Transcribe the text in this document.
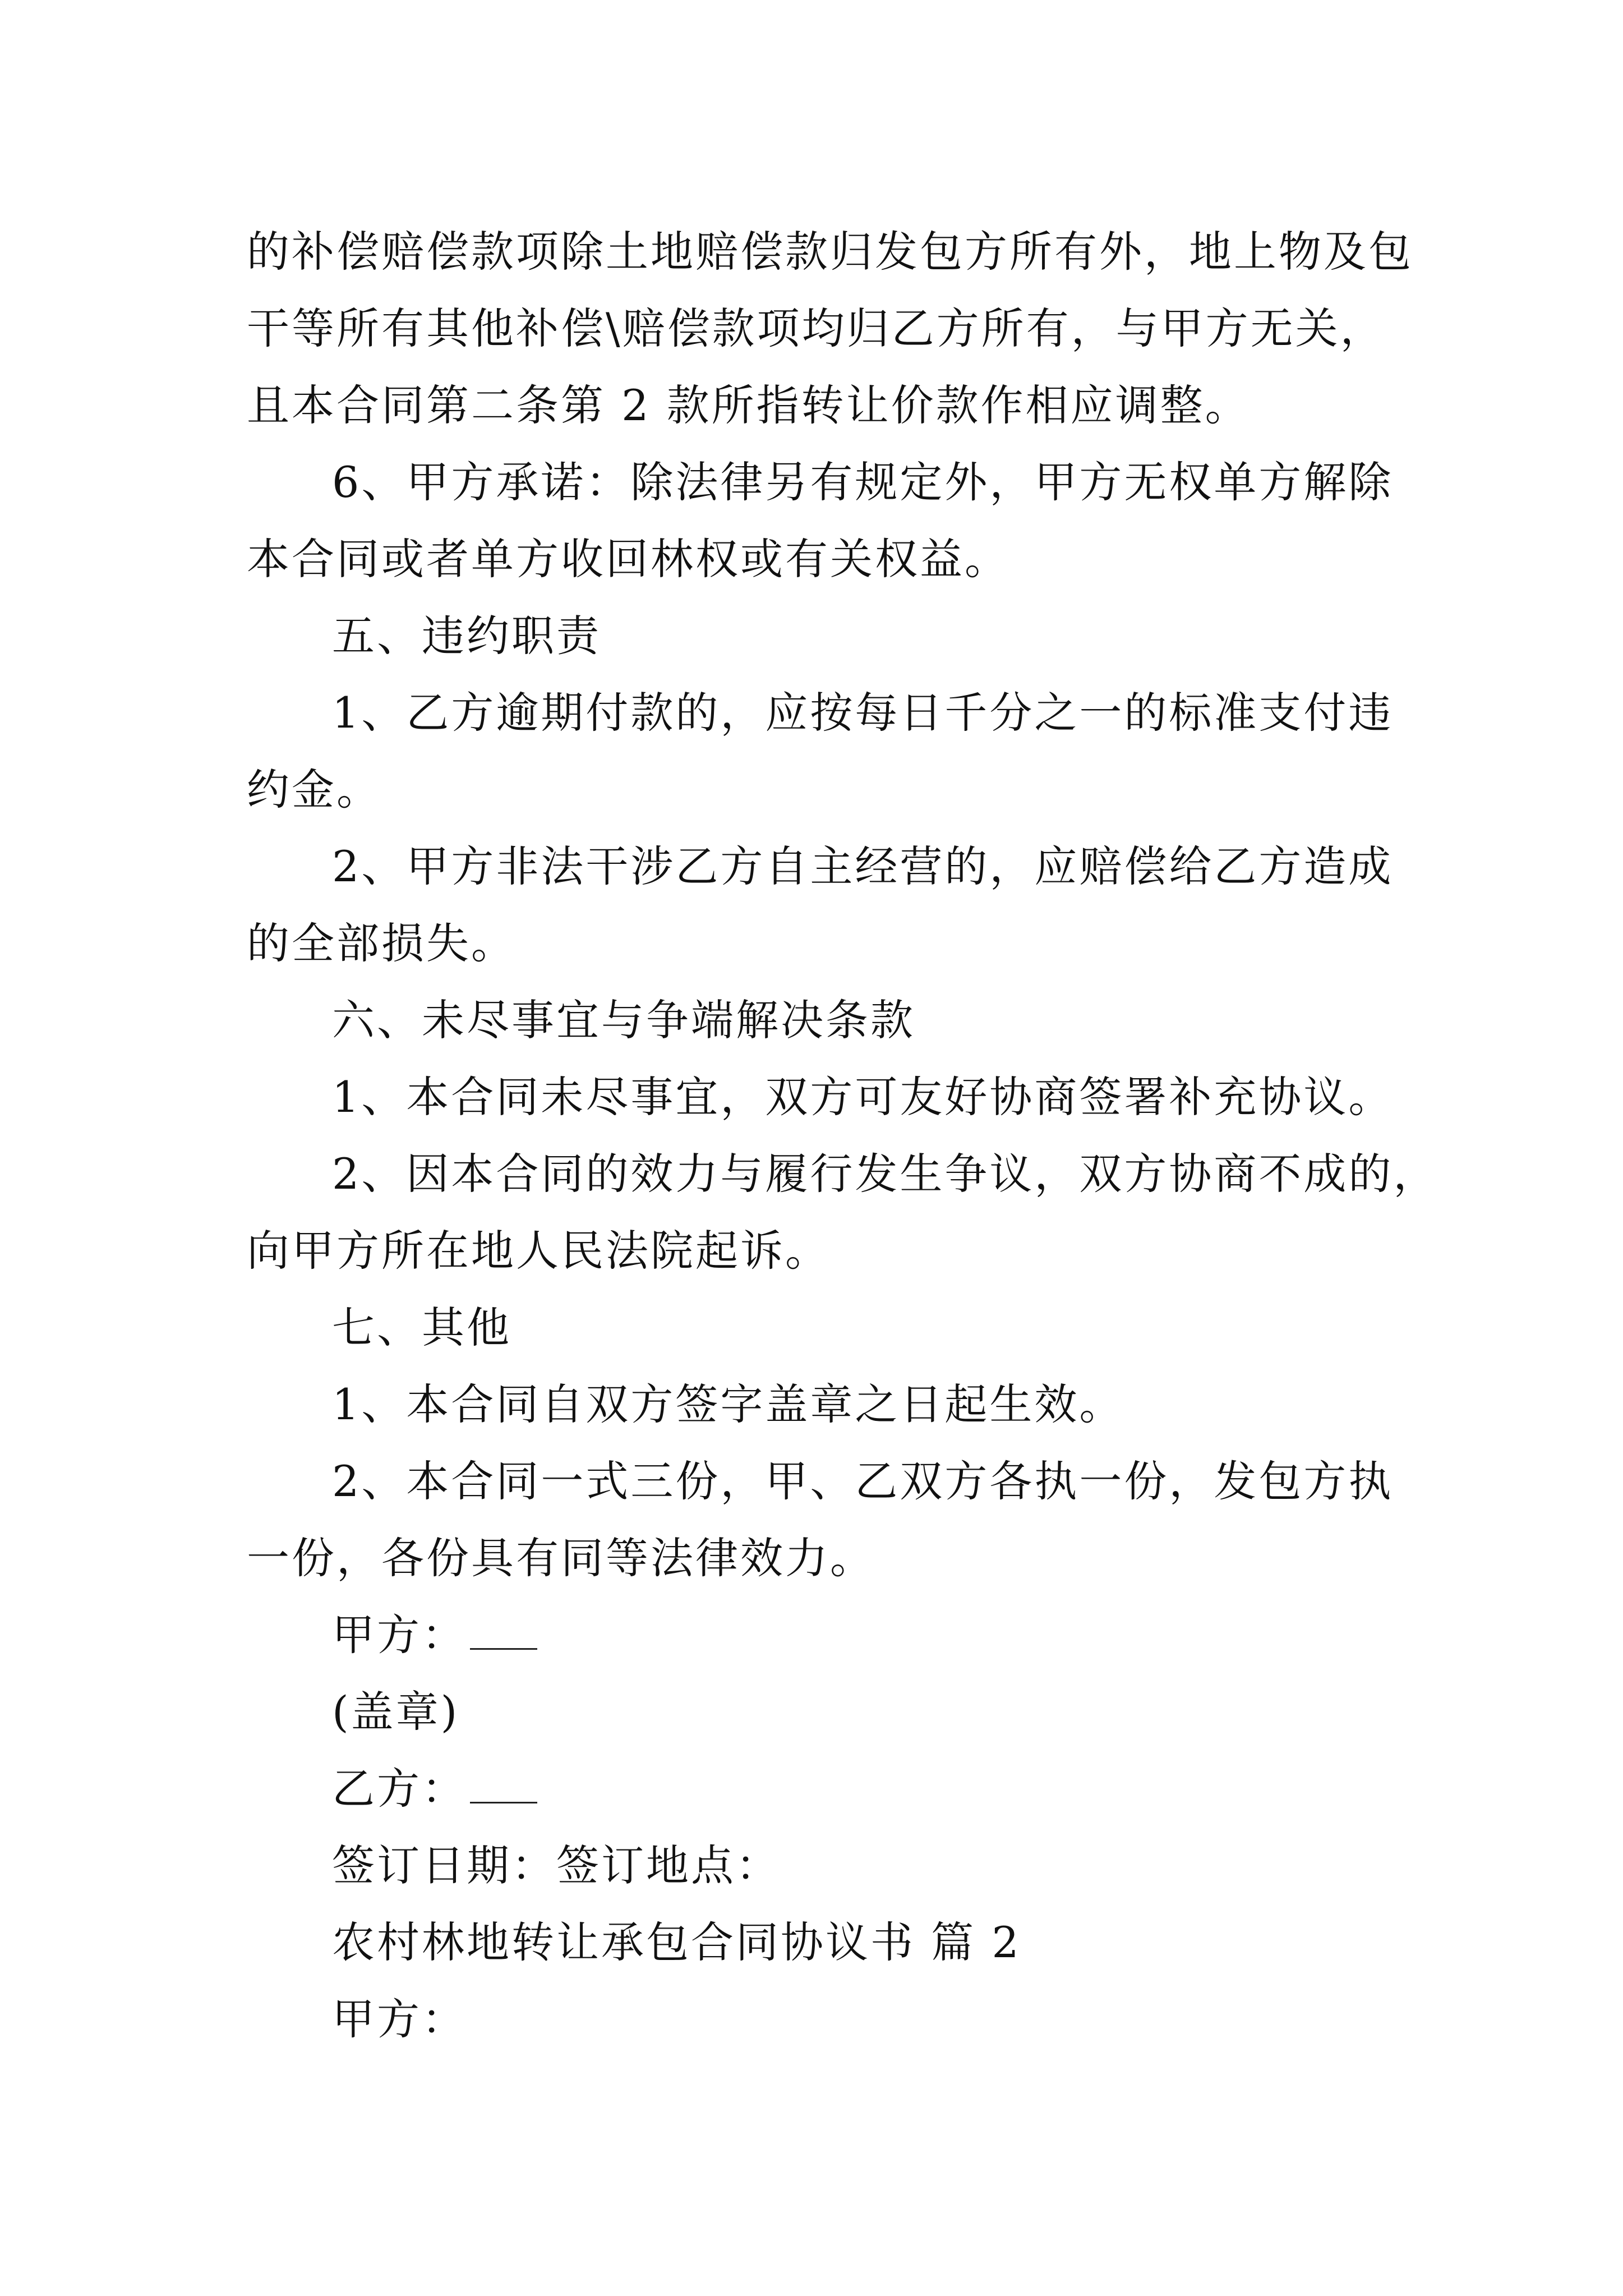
的补偿赔偿款项除土地赔偿款归发包方所有外，地上物及包
干等所有其他补偿\赔偿款项均归乙方所有，与甲方无关，
且本合同第二条第 2 款所指转让价款作相应调整。
6、甲方承诺：除法律另有规定外，甲方无权单方解除
本合同或者单方收回林权或有关权益。
五、违约职责
1、乙方逾期付款的，应按每日千分之一的标准支付违
约金。
2、甲方非法干涉乙方自主经营的，应赔偿给乙方造成
的全部损失。
六、未尽事宜与争端解决条款
1、本合同未尽事宜，双方可友好协商签署补充协议。
2、因本合同的效力与履行发生争议，双方协商不成的，
向甲方所在地人民法院起诉。
七、其他
1、本合同自双方签字盖章之日起生效。
2、本合同一式三份，甲、乙双方各执一份，发包方执
一份，各份具有同等法律效力。
甲方：
(盖章)
乙方：
签订日期：签订地点：
农村林地转让承包合同协议书 篇 2
甲方：
